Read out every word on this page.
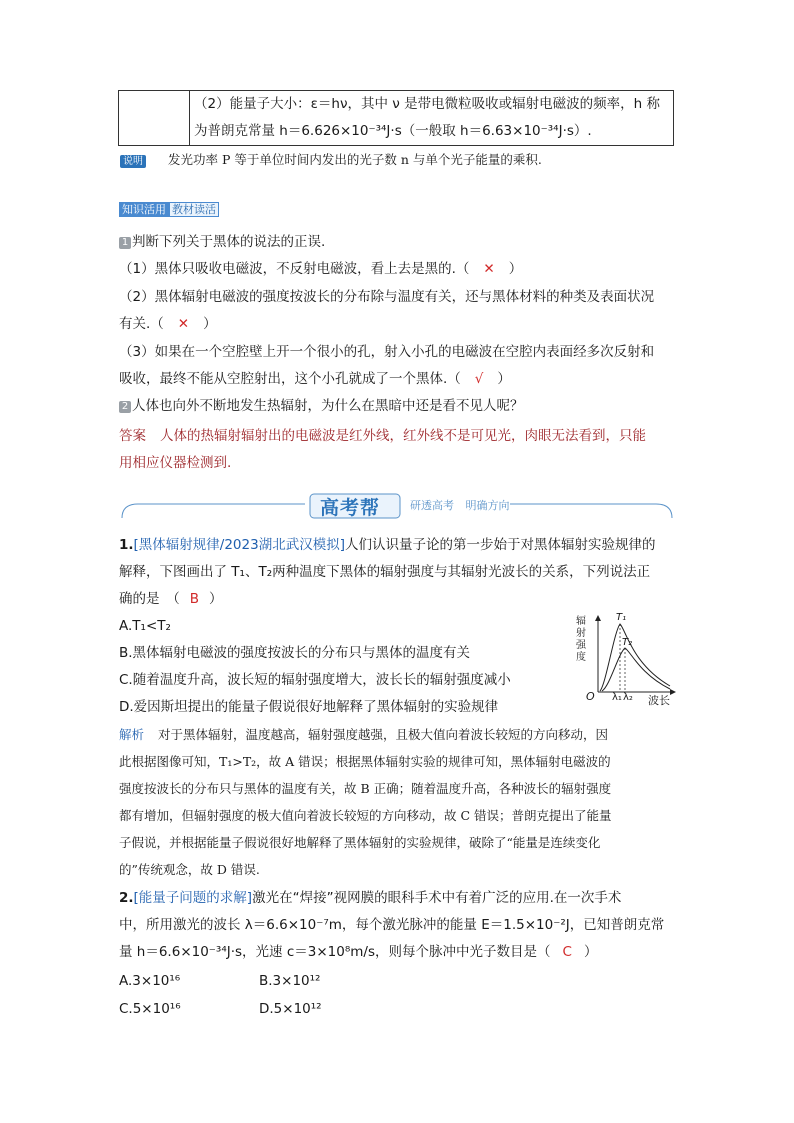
（2）能量子大小：ε＝hν，其中 ν 是带电微粒吸收或辐射电磁波的频率，h 称
为普朗克常量 h＝6.626×10⁻³⁴J·s（一般取 h＝6.63×10⁻³⁴J·s）.
说明 发光功率 P 等于单位时间内发出的光子数 n 与单个光子能量的乘积.
知识活用 教材读活
1 判断下列关于黑体的说法的正误.
（1）黑体只吸收电磁波，不反射电磁波，看上去是黑的.（ ✕ ）
（2）黑体辐射电磁波的强度按波长的分布除与温度有关，还与黑体材料的种类及表面状况
有关.（ ✕ ）
（3）如果在一个空腔壁上开一个很小的孔，射入小孔的电磁波在空腔内表面经多次反射和
吸收，最终不能从空腔射出，这个小孔就成了一个黑体.（ √ ）
2 人体也向外不断地发生热辐射，为什么在黑暗中还是看不见人呢？
答案 人体的热辐射辐射出的电磁波是红外线，红外线不是可见光，肉眼无法看到，只能
用相应仪器检测到.
高考帮	研透高考 明确方向
1.[黑体辐射规律/2023湖北武汉模拟]人们认识量子论的第一步始于对黑体辐射实验规律的
解释，下图画出了 T₁、T₂两种温度下黑体的辐射强度与其辐射光波长的关系，下列说法正
确的是　（ B ）
A.T₁<T₂
B.黑体辐射电磁波的强度按波长的分布只与黑体的温度有关
C.随着温度升高，波长短的辐射强度增大，波长长的辐射强度减小
D.爱因斯坦提出的能量子假说很好地解释了黑体辐射的实验规律
辐
射
强
度
O	波长
T₁
T₂
λ₁ λ₂
解析 对于黑体辐射，温度越高，辐射强度越强，且极大值向着波长较短的方向移动，因
此根据图像可知，T₁>T₂，故 A 错误；根据黑体辐射实验的规律可知，黑体辐射电磁波的
强度按波长的分布只与黑体的温度有关，故 B 正确；随着温度升高，各种波长的辐射强度
都有增加，但辐射强度的极大值向着波长较短的方向移动，故 C 错误；普朗克提出了能量
子假说，并根据能量子假说很好地解释了黑体辐射的实验规律，破除了“能量是连续变化
的”传统观念，故 D 错误.
2.[能量子问题的求解]激光在“焊接”视网膜的眼科手术中有着广泛的应用.在一次手术
中，所用激光的波长 λ＝6.6×10⁻⁷m，每个激光脉冲的能量 E＝1.5×10⁻²J，已知普朗克常
量 h＝6.6×10⁻³⁴J·s，光速 c＝3×10⁸m/s，则每个脉冲中光子数目是（ C ）
A.3×10¹⁶	B.3×10¹²
C.5×10¹⁶	D.5×10¹²
